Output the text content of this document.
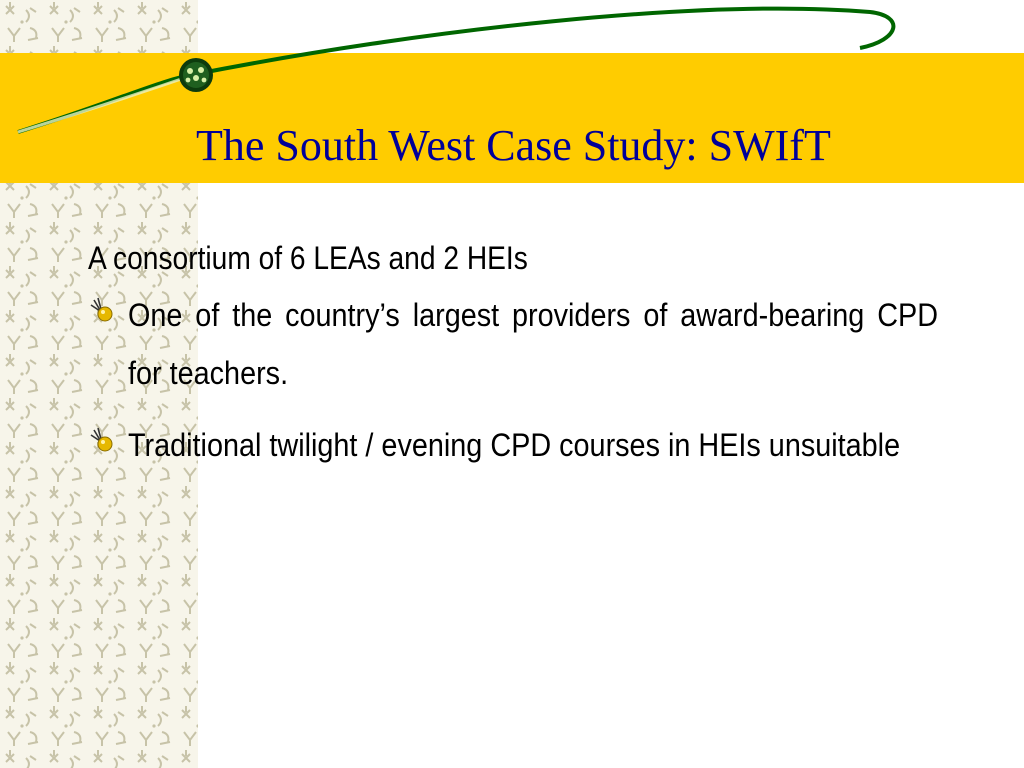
The South West Case Study: SWIfT
A consortium of 6 LEAs and 2 HEIs
One of the country’s largest providers of award-bearing CPD for teachers.
Traditional twilight / evening CPD courses in HEIs unsuitable
